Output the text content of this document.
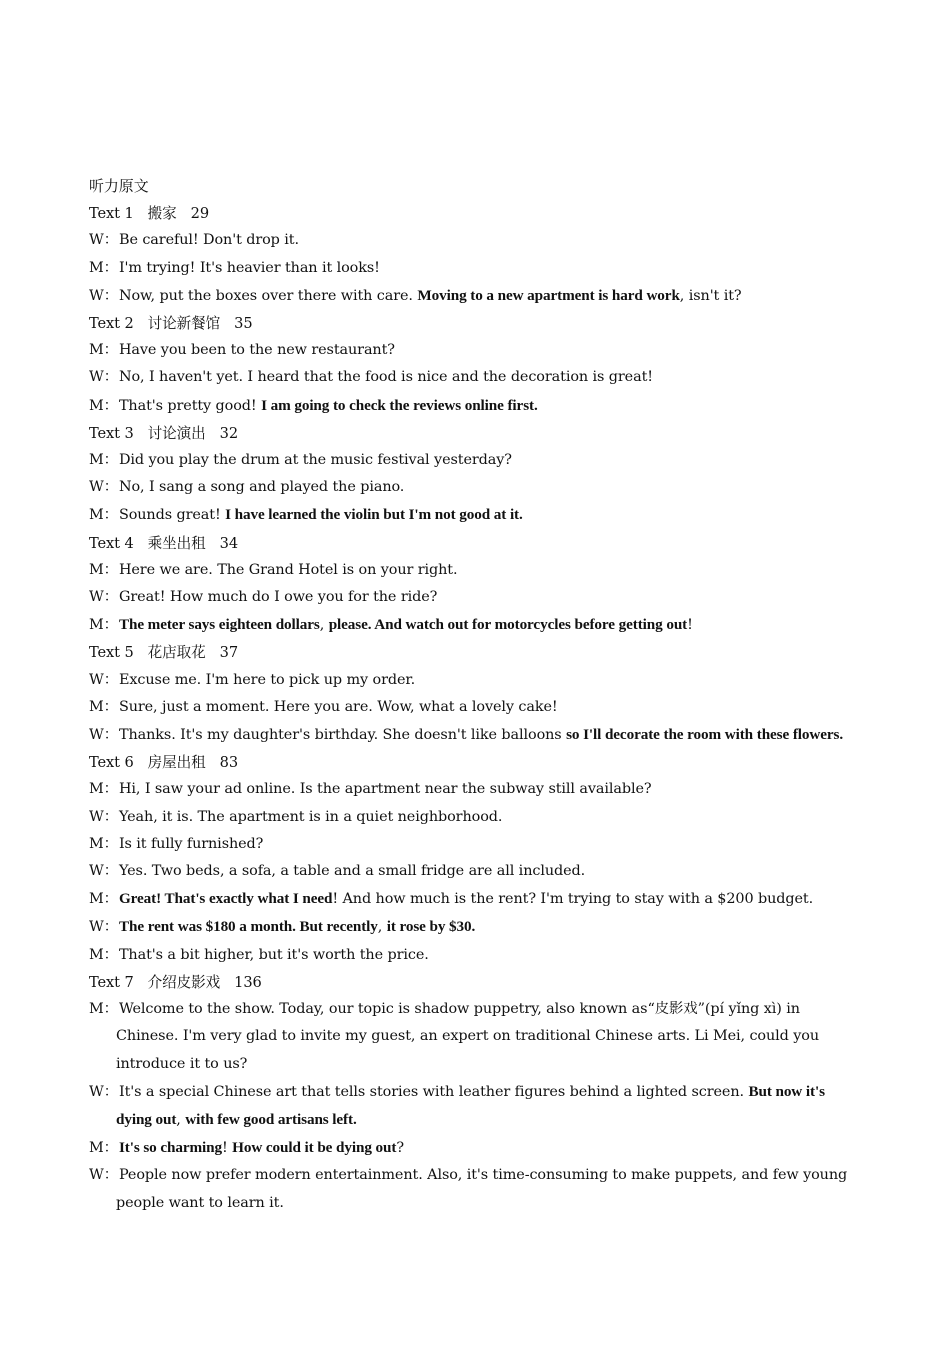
听力原文
Text 1 搬家 29
W：Be careful! Don't drop it.
M：I'm trying! It's heavier than it looks!
W：Now, put the boxes over there with care. Moving to a new apartment is hard work, isn't it?
Text 2 讨论新餐馆 35
M：Have you been to the new restaurant?
W：No, I haven't yet. I heard that the food is nice and the decoration is great!
M：That's pretty good! I am going to check the reviews online first.
Text 3 讨论演出 32
M：Did you play the drum at the music festival yesterday?
W：No, I sang a song and played the piano.
M：Sounds great! I have learned the violin but I'm not good at it.
Text 4 乘坐出租 34
M：Here we are. The Grand Hotel is on your right.
W：Great! How much do I owe you for the ride?
M：The meter says eighteen dollars, please. And watch out for motorcycles before getting out!
Text 5 花店取花 37
W：Excuse me. I'm here to pick up my order.
M：Sure, just a moment. Here you are. Wow, what a lovely cake!
W：Thanks. It's my daughter's birthday. She doesn't like balloons so I'll decorate the room with these flowers.
Text 6 房屋出租 83
M：Hi, I saw your ad online. Is the apartment near the subway still available?
W：Yeah, it is. The apartment is in a quiet neighborhood.
M：Is it fully furnished?
W：Yes. Two beds, a sofa, a table and a small fridge are all included.
M：Great! That's exactly what I need! And how much is the rent? I'm trying to stay with a $200 budget.
W：The rent was $180 a month. But recently, it rose by $30.
M：That's a bit higher, but it's worth the price.
Text 7 介绍皮影戏 136
M：Welcome to the show. Today, our topic is shadow puppetry, also known as“皮影戏”(pí yǐng xì) in Chinese. I'm very glad to invite my guest, an expert on traditional Chinese arts. Li Mei, could you introduce it to us?
W：It's a special Chinese art that tells stories with leather figures behind a lighted screen. But now it's dying out, with few good artisans left.
M：It's so charming! How could it be dying out?
W：People now prefer modern entertainment. Also, it's time-consuming to make puppets, and few young people want to learn it.
